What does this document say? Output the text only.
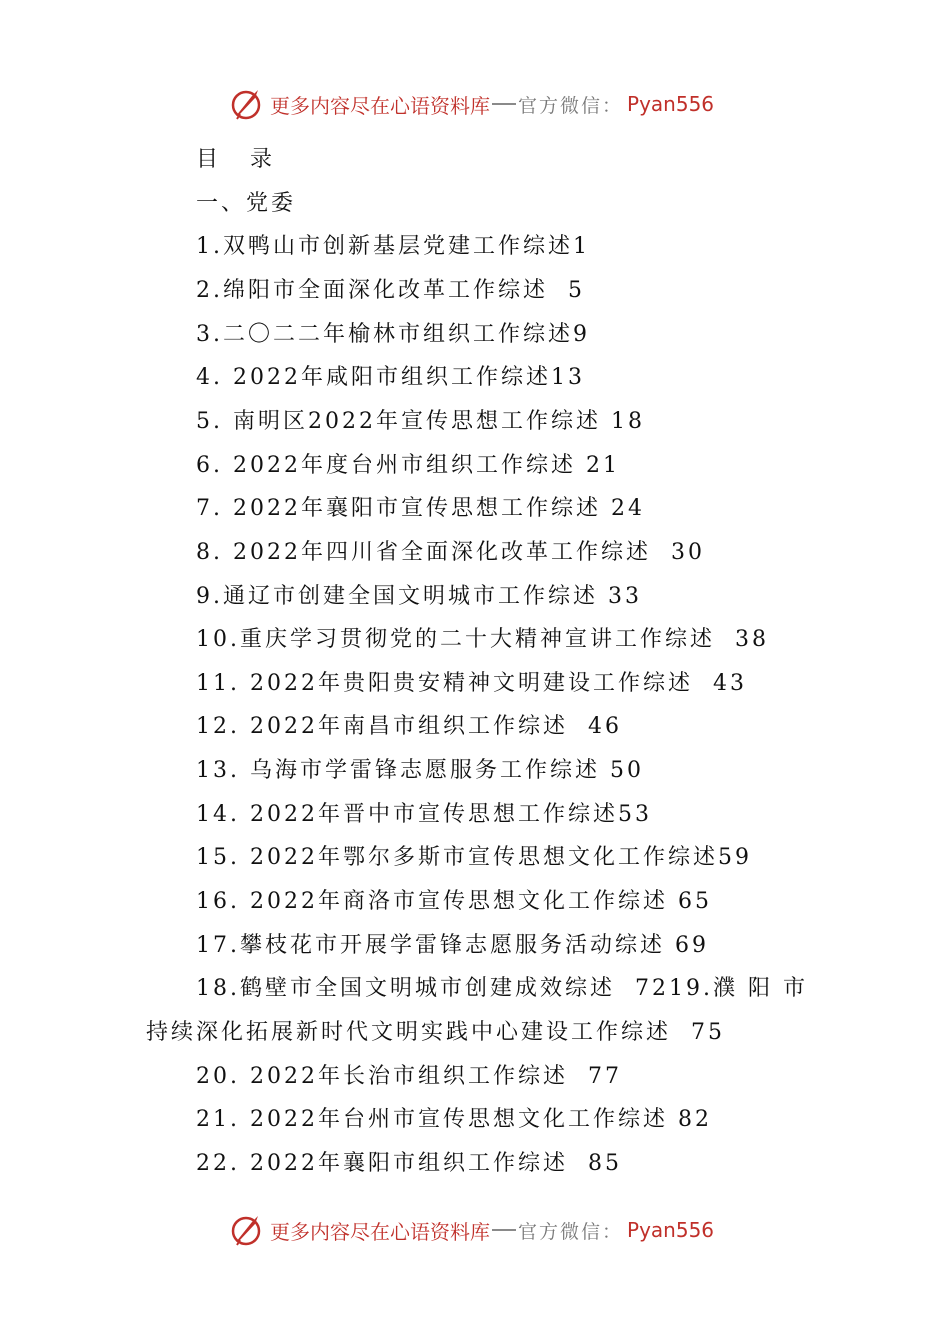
更多内容尽在心语资料库 官方微信： Pyan556
目  录
一、党委
1.双鸭山市创新基层党建工作综述1
2.绵阳市全面深化改革工作综述  5
3.二〇二二年榆林市组织工作综述9
4. 2022年咸阳市组织工作综述13
5. 南明区2022年宣传思想工作综述 18
6. 2022年度台州市组织工作综述 21
7. 2022年襄阳市宣传思想工作综述 24
8. 2022年四川省全面深化改革工作综述  30
9.通辽市创建全国文明城市工作综述 33
10.重庆学习贯彻党的二十大精神宣讲工作综述  38
11. 2022年贵阳贵安精神文明建设工作综述  43
12. 2022年南昌市组织工作综述  46
13. 乌海市学雷锋志愿服务工作综述 50
14. 2022年晋中市宣传思想工作综述53
15. 2022年鄂尔多斯市宣传思想文化工作综述59
16. 2022年商洛市宣传思想文化工作综述 65
17.攀枝花市开展学雷锋志愿服务活动综述 69
18.鹤壁市全国文明城市创建成效综述  7219.濮 阳 市
持续深化拓展新时代文明实践中心建设工作综述  75
20. 2022年长治市组织工作综述  77
21. 2022年台州市宣传思想文化工作综述 82
22. 2022年襄阳市组织工作综述  85
更多内容尽在心语资料库 官方微信： Pyan556
